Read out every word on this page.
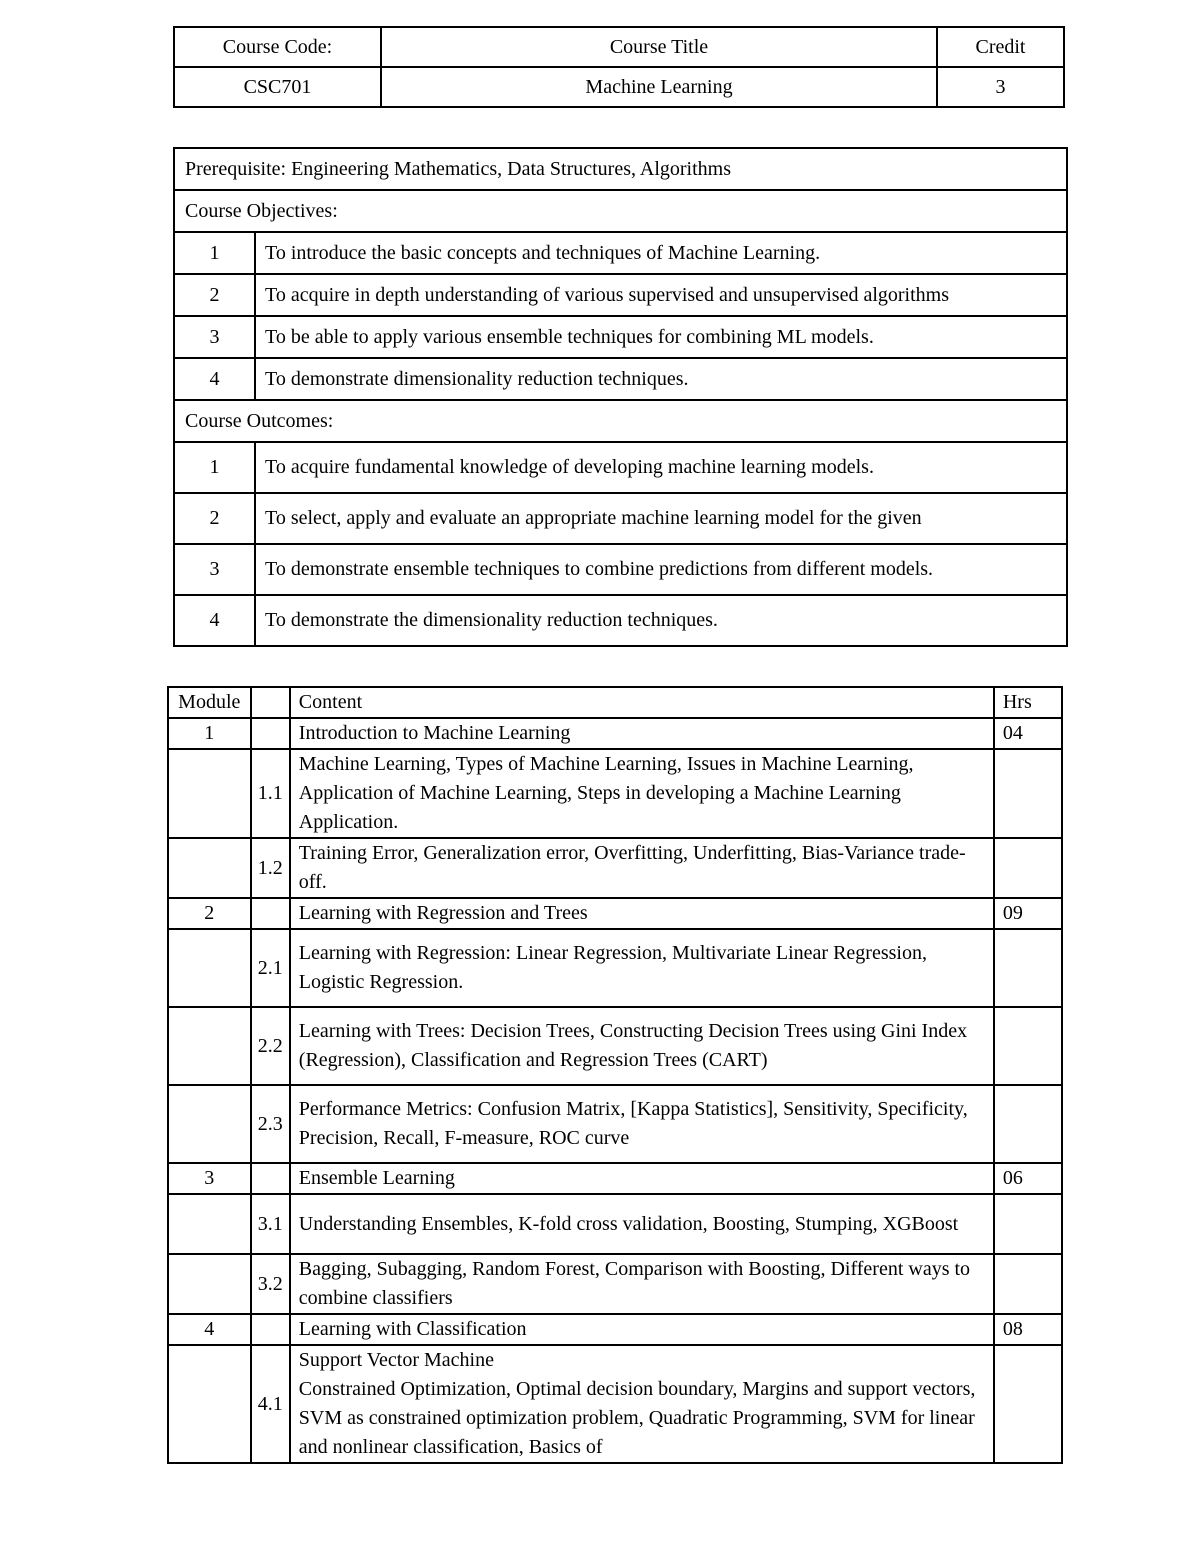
Course Code:	Course Title	Credit
CSC701	Machine Learning	3
Prerequisite: Engineering Mathematics, Data Structures, Algorithms	
Course Objectives:	
1	To introduce the basic concepts and techniques of Machine Learning.
2	To acquire in depth understanding of various supervised and unsupervised algorithms
3	To be able to apply various ensemble techniques for combining ML models.
4	To demonstrate dimensionality reduction techniques.
Course Outcomes:	
1	To acquire fundamental knowledge of developing machine learning models.
2	To select, apply and evaluate an appropriate machine learning model for the given
3	To demonstrate ensemble techniques to combine predictions from different models.
4	To demonstrate the dimensionality reduction techniques.
Module		Content	Hrs
1		Introduction to Machine Learning	04
	1.1	Machine Learning, Types of Machine Learning, Issues in Machine Learning, Application of Machine Learning, Steps in developing a Machine Learning Application.	
	1.2	Training Error, Generalization error, Overfitting, Underfitting, Bias-Variance trade-off.	
2		Learning with Regression and Trees	09
	2.1	Learning with Regression: Linear Regression, Multivariate Linear Regression, Logistic Regression.	
	2.2	Learning with Trees: Decision Trees, Constructing Decision Trees using Gini Index (Regression), Classification and Regression Trees (CART)	
	2.3	Performance Metrics: Confusion Matrix, [Kappa Statistics], Sensitivity, Specificity, Precision, Recall, F-measure, ROC curve	
3		Ensemble Learning	06
	3.1	Understanding Ensembles, K-fold cross validation, Boosting, Stumping, XGBoost	
	3.2	Bagging, Subagging, Random Forest, Comparison with Boosting, Different ways to combine classifiers	
4		Learning with Classification	08
	4.1	Support Vector Machine
Constrained Optimization, Optimal decision boundary, Margins and support vectors, SVM as constrained optimization problem, Quadratic Programming, SVM for linear and nonlinear classification, Basics of	
